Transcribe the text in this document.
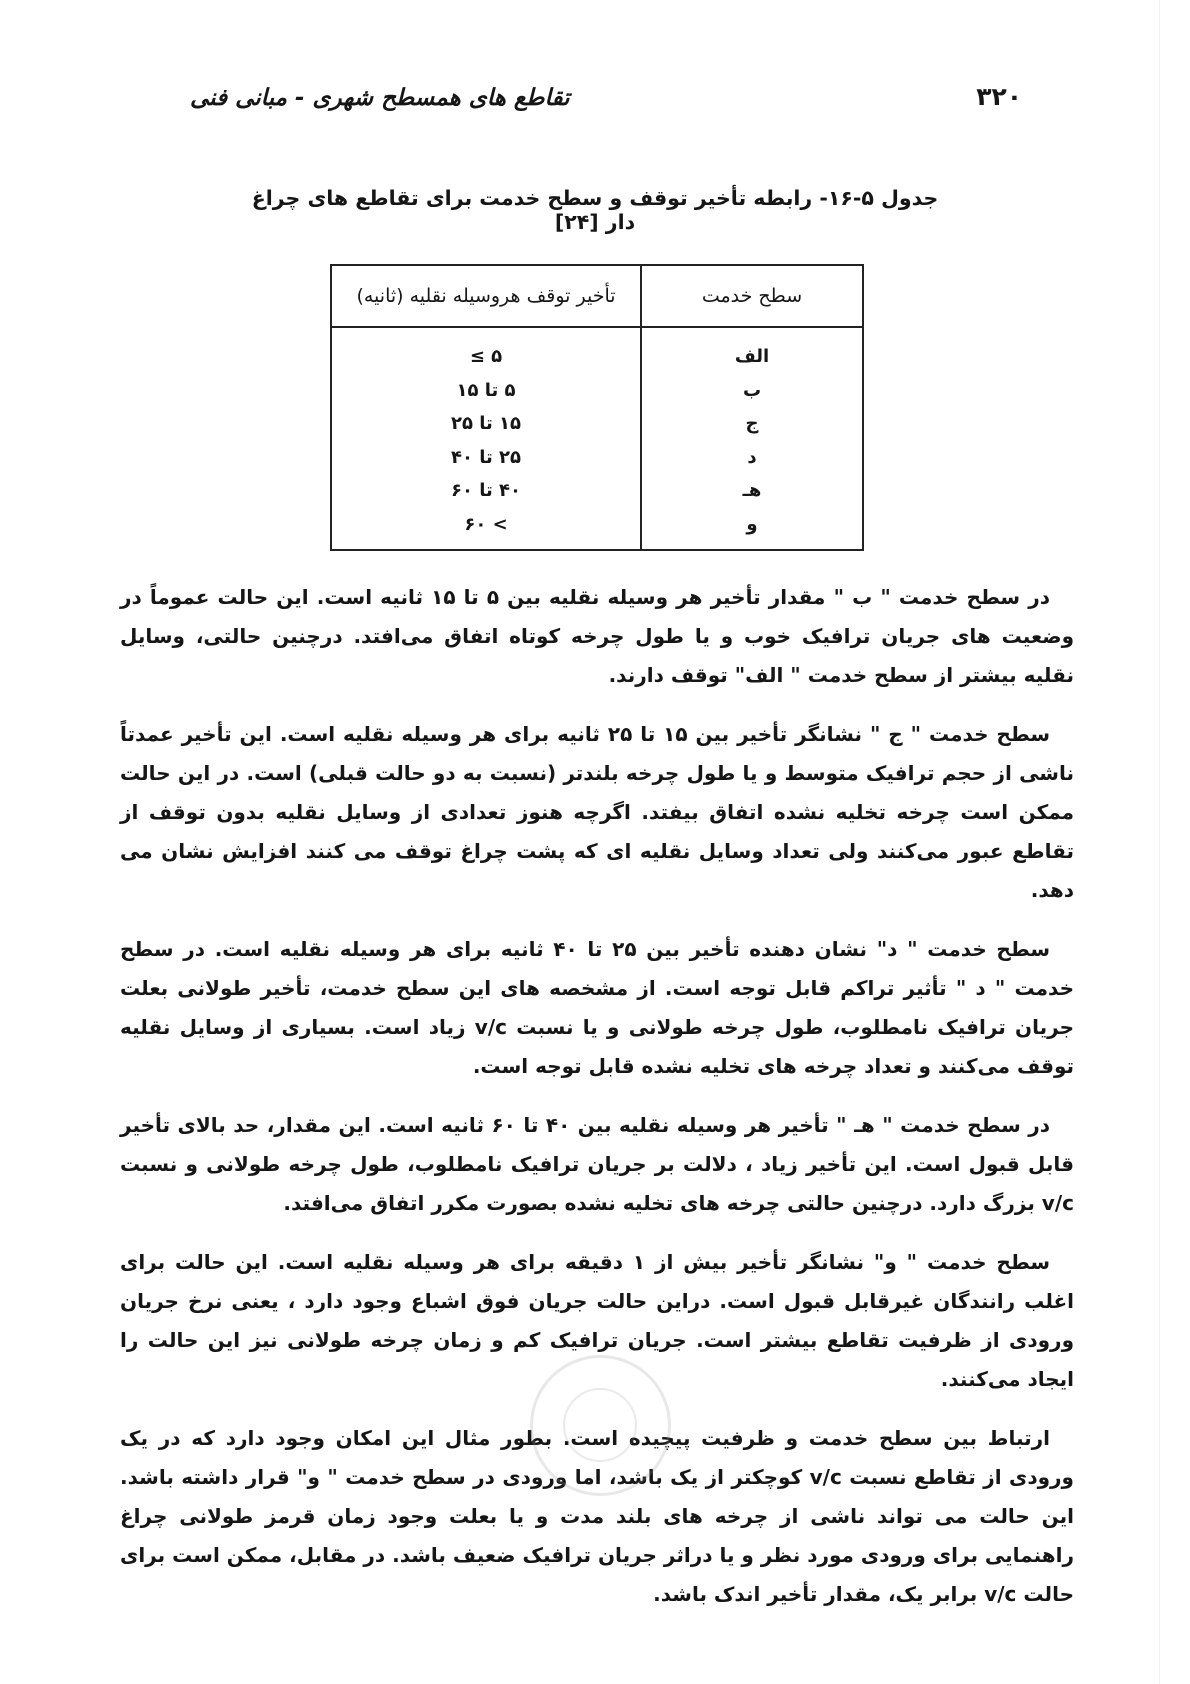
۳۲۰
تقاطع های همسطح شهری - مبانی فنی
جدول ۵-۱۶- رابطه تأخیر توقف و سطح خدمت برای تقاطع های چراغ دار [۲۴]
سطح خدمت	تأخیر توقف هروسیله نقلیه (ثانیه)
الف	۵ ≥
ب	۵ تا ۱۵
ج	۱۵ تا ۲۵
د	۲۵ تا ۴۰
هـ	۴۰ تا ۶۰
و	> ۶۰

در سطح خدمت " ب " مقدار تأخیر هر وسیله نقلیه بین ۵ تا ۱۵ ثانیه است. این حالت عموماً در وضعیت های جریان ترافیک خوب و یا طول چرخه کوتاه اتفاق می‌افتد. درچنین حالتی، وسایل نقلیه بیشتر از سطح خدمت " الف" توقف دارند.

سطح خدمت " ج " نشانگر تأخیر بین ۱۵ تا ۲۵ ثانیه برای هر وسیله نقلیه است. این تأخیر عمدتاً ناشی از حجم ترافیک متوسط و یا طول چرخه بلندتر (نسبت به دو حالت قبلی) است. در این حالت ممکن است چرخه تخلیه نشده اتفاق بیفتد. اگرچه هنوز تعدادی از وسایل نقلیه بدون توقف از تقاطع عبور می‌کنند ولی تعداد وسایل نقلیه ای که پشت چراغ توقف می کنند افزایش نشان می دهد.

سطح خدمت " د" نشان دهنده تأخیر بین ۲۵ تا ۴۰ ثانیه برای هر وسیله نقلیه است. در سطح خدمت " د " تأثیر تراکم قابل توجه است. از مشخصه های این سطح خدمت، تأخیر طولانی بعلت جریان ترافیک نامطلوب، طول چرخه طولانی و یا نسبت v/c زیاد است. بسیاری از وسایل نقلیه توقف می‌کنند و تعداد چرخه های تخلیه نشده قابل توجه است.

در سطح خدمت " هـ " تأخیر هر وسیله نقلیه بین ۴۰ تا ۶۰ ثانیه است. این مقدار، حد بالای تأخیر قابل قبول است. این تأخیر زیاد ، دلالت بر جریان ترافیک نامطلوب، طول چرخه طولانی و نسبت v/c بزرگ دارد. درچنین حالتی چرخه های تخلیه نشده بصورت مکرر اتفاق می‌افتد.

سطح خدمت " و" نشانگر تأخیر بیش از ۱ دقیقه برای هر وسیله نقلیه است. این حالت برای اغلب رانندگان غیرقابل قبول است. دراین حالت جریان فوق اشباع وجود دارد ، یعنی نرخ جریان ورودی از ظرفیت تقاطع بیشتر است. جریان ترافیک کم و زمان چرخه طولانی نیز این حالت را ایجاد می‌کنند.

ارتباط بین سطح خدمت و ظرفیت پیچیده است. بطور مثال این امکان وجود دارد که در یک ورودی از تقاطع نسبت v/c کوچکتر از یک باشد، اما ورودی در سطح خدمت " و" قرار داشته باشد. این حالت می تواند ناشی از چرخه های بلند مدت و یا بعلت وجود زمان قرمز طولانی چراغ راهنمایی برای ورودی مورد نظر و یا دراثر جریان ترافیک ضعیف باشد. در مقابل، ممکن است برای حالت v/c برابر یک، مقدار تأخیر اندک باشد.
